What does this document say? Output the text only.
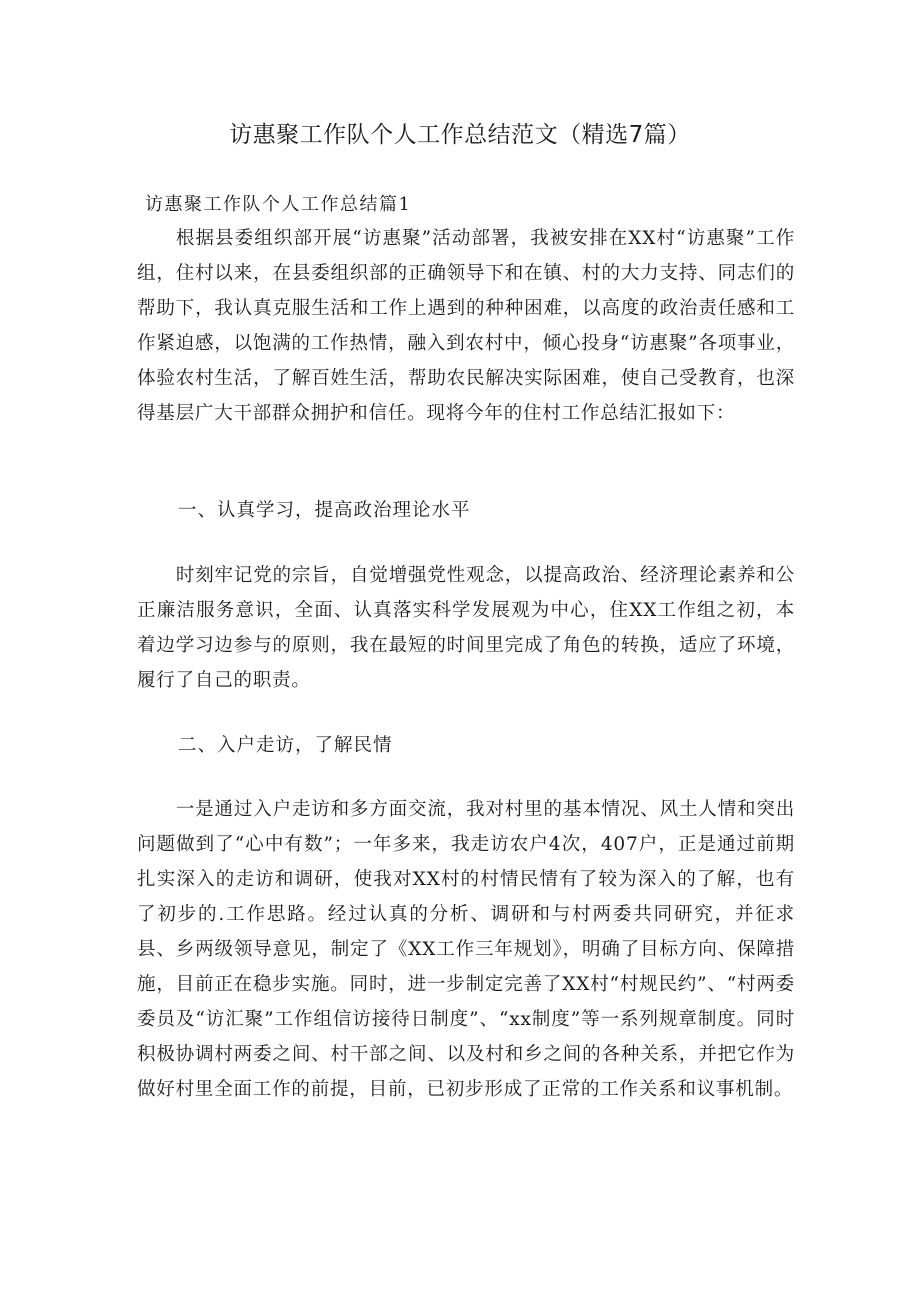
访惠聚工作队个人工作总结范文（精选7篇）
访惠聚工作队个人工作总结篇1

根据县委组织部开展“访惠聚”活动部署，我被安排在XX村“访惠聚”工作组，住村以来，在县委组织部的正确领导下和在镇、村的大力支持、同志们的帮助下，我认真克服生活和工作上遇到的种种困难，以高度的政治责任感和工作紧迫感，以饱满的工作热情，融入到农村中，倾心投身“访惠聚”各项事业，体验农村生活，了解百姓生活，帮助农民解决实际困难，使自己受教育，也深得基层广大干部群众拥护和信任。现将今年的住村工作总结汇报如下：

一、认真学习，提高政治理论水平

时刻牢记党的宗旨，自觉增强党性观念，以提高政治、经济理论素养和公正廉洁服务意识，全面、认真落实科学发展观为中心，住XX工作组之初，本着边学习边参与的原则，我在最短的时间里完成了角色的转换，适应了环境，履行了自己的职责。

二、入户走访，了解民情

一是通过入户走访和多方面交流，我对村里的基本情况、风土人情和突出问题做到了“心中有数”；一年多来，我走访农户4次，407户，正是通过前期扎实深入的走访和调研，使我对XX村的村情民情有了较为深入的了解，也有了初步的.工作思路。经过认真的分析、调研和与村两委共同研究，并征求县、乡两级领导意见，制定了《XX工作三年规划》，明确了目标方向、保障措施，目前正在稳步实施。同时，进一步制定完善了XX村“村规民约”、“村两委委员及“访汇聚”工作组信访接待日制度”、“xx制度”等一系列规章制度。同时积极协调村两委之间、村干部之间、以及村和乡之间的各种关系，并把它作为做好村里全面工作的前提，目前，已初步形成了正常的工作关系和议事机制。
